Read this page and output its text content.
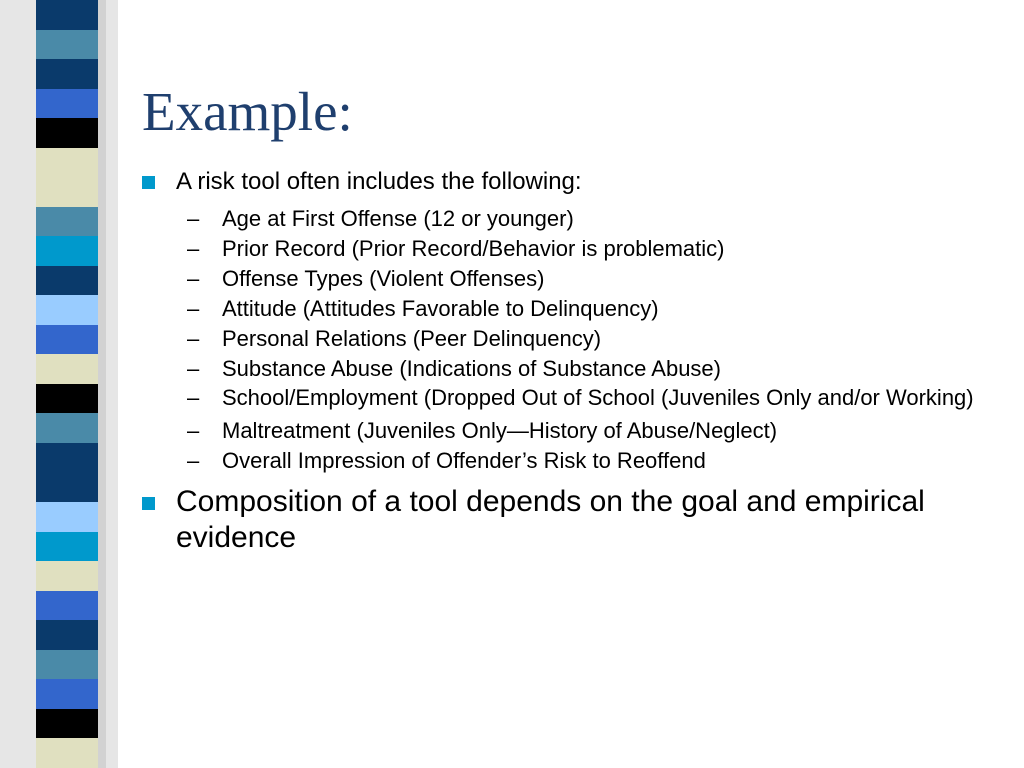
Example:
A risk tool often includes the following:
– Age at First Offense (12 or younger)
– Prior Record (Prior Record/Behavior is problematic)
– Offense Types (Violent Offenses)
– Attitude (Attitudes Favorable to Delinquency)
– Personal Relations (Peer Delinquency)
– Substance Abuse (Indications of Substance Abuse)
– School/Employment (Dropped Out of School (Juveniles Only and/or Working)
– Maltreatment (Juveniles Only—History of Abuse/Neglect)
– Overall Impression of Offender’s Risk to Reoffend
Composition of a tool depends on the goal and empirical evidence
